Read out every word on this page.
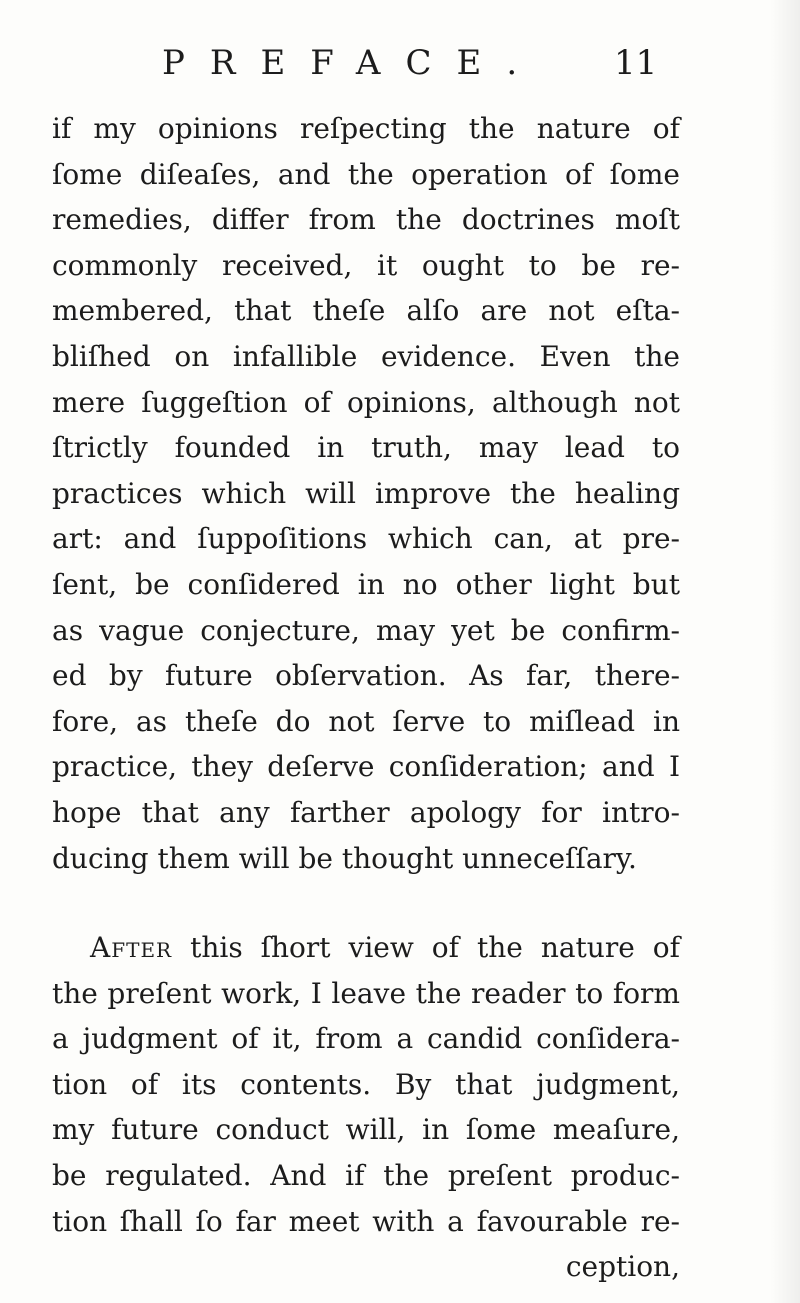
PREFACE. 11
if my opinions reſpecting the nature of
ſome diſeaſes, and the operation of ſome
remedies, differ from the doctrines moſt
commonly received, it ought to be re-
membered, that theſe alſo are not eſta-
bliſhed on infallible evidence. Even the
mere ſuggeſtion of opinions, although not
ſtrictly founded in truth, may lead to
practices which will improve the healing
art: and ſuppoſitions which can, at pre-
ſent, be conſidered in no other light but
as vague conjecture, may yet be confirm-
ed by future obſervation. As far, there-
fore, as theſe do not ſerve to miſlead in
practice, they deſerve conſideration; and I
hope that any farther apology for intro-
ducing them will be thought unneceſſary.
After this ſhort view of the nature of
the preſent work, I leave the reader to form
a judgment of it, from a candid conſidera-
tion of its contents. By that judgment,
my future conduct will, in ſome meaſure,
be regulated. And if the preſent produc-
tion ſhall ſo far meet with a favourable re-
ception,
